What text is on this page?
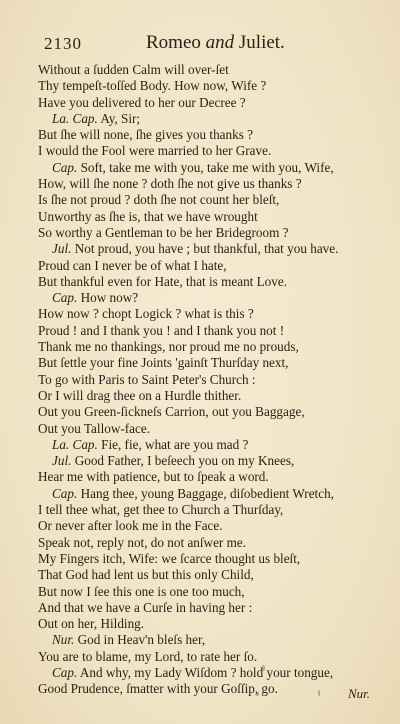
2130	Romeo and Juliet.
Without a ſudden Calm will over-ſet
Thy tempeſt-toſſed Body. How now, Wife ?
Have you delivered to her our Decree ?
La. Cap. Ay, Sir;
But ſhe will none, ſhe gives you thanks ?
I would the Fool were married to her Grave.
Cap. Soft, take me with you, take me with you, Wife,
How, will ſhe none ? doth ſhe not give us thanks ?
Is ſhe not proud ? doth ſhe not count her bleſt,
Unworthy as ſhe is, that we have wrought
So worthy a Gentleman to be her Bridegroom ?
Jul. Not proud, you have ; but thankful, that you have.
Proud can I never be of what I hate,
But thankful even for Hate, that is meant Love.
Cap. How now?
How now ? chopt Logick ? what is this ?
Proud ! and I thank you ! and I thank you not !
Thank me no thankings, nor proud me no prouds,
But ſettle your fine Joints 'gainſt Thurſday next,
To go with Paris to Saint Peter's Church :
Or I will drag thee on a Hurdle thither.
Out you Green-ſickneſs Carrion, out you Baggage,
Out you Tallow-face.
La. Cap. Fie, fie, what are you mad ?
Jul. Good Father, I beſeech you on my Knees,
Hear me with patience, but to ſpeak a word.
Cap. Hang thee, young Baggage, diſobedient Wretch,
I tell thee what, get thee to Church a Thurſday,
Or never after look me in the Face.
Speak not, reply not, do not anſwer me.
My Fingers itch, Wife: we ſcarce thought us bleſt,
That God had lent us but this only Child,
But now I ſee this one is one too much,
And that we have a Curſe in having her :
Out on her, Hilding.
Nur. God in Heav'n bleſs her,
You are to blame, my Lord, to rate her ſo.
Cap. And why, my Lady Wiſdom ? hold your tongue,
Good Prudence, ſmatter with your Goſſip, go.	Nur.
